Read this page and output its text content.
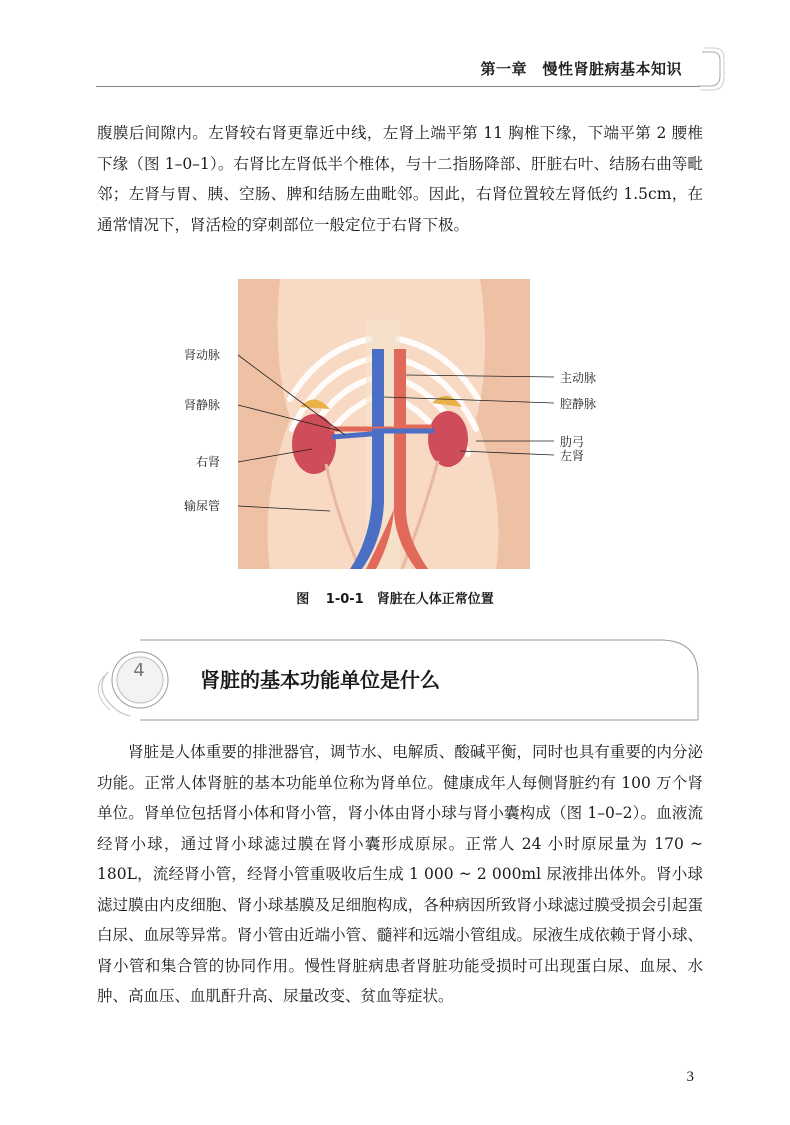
第一章　慢性肾脏病基本知识

腹膜后间隙内。左肾较右肾更靠近中线，左肾上端平第 11 胸椎下缘，下端平第 2 腰椎下缘（图 1–0–1）。右肾比左肾低半个椎体，与十二指肠降部、肝脏右叶、结肠右曲等毗邻；左肾与胃、胰、空肠、脾和结肠左曲毗邻。因此，右肾位置较左肾低约 1.5cm，在通常情况下，肾活检的穿刺部位一般定位于右肾下极。

肾动脉
肾静脉
右肾
输尿管
主动脉
腔静脉
肋弓
左肾
图 1-0-1　肾脏在人体正常位置
4	肾脏的基本功能单位是什么

肾脏是人体重要的排泄器官，调节水、电解质、酸碱平衡，同时也具有重要的内分泌功能。正常人体肾脏的基本功能单位称为肾单位。健康成年人每侧肾脏约有 100 万个肾单位。肾单位包括肾小体和肾小管，肾小体由肾小球与肾小囊构成（图 1–0–2）。血液流经肾小球，通过肾小球滤过膜在肾小囊形成原尿。正常人 24 小时原尿量为 170 ~ 180L，流经肾小管，经肾小管重吸收后生成 1 000 ~ 2 000ml 尿液排出体外。肾小球滤过膜由内皮细胞、肾小球基膜及足细胞构成，各种病因所致肾小球滤过膜受损会引起蛋白尿、血尿等异常。肾小管由近端小管、髓袢和远端小管组成。尿液生成依赖于肾小球、肾小管和集合管的协同作用。慢性肾脏病患者肾脏功能受损时可出现蛋白尿、血尿、水肿、高血压、血肌酐升高、尿量改变、贫血等症状。

3
